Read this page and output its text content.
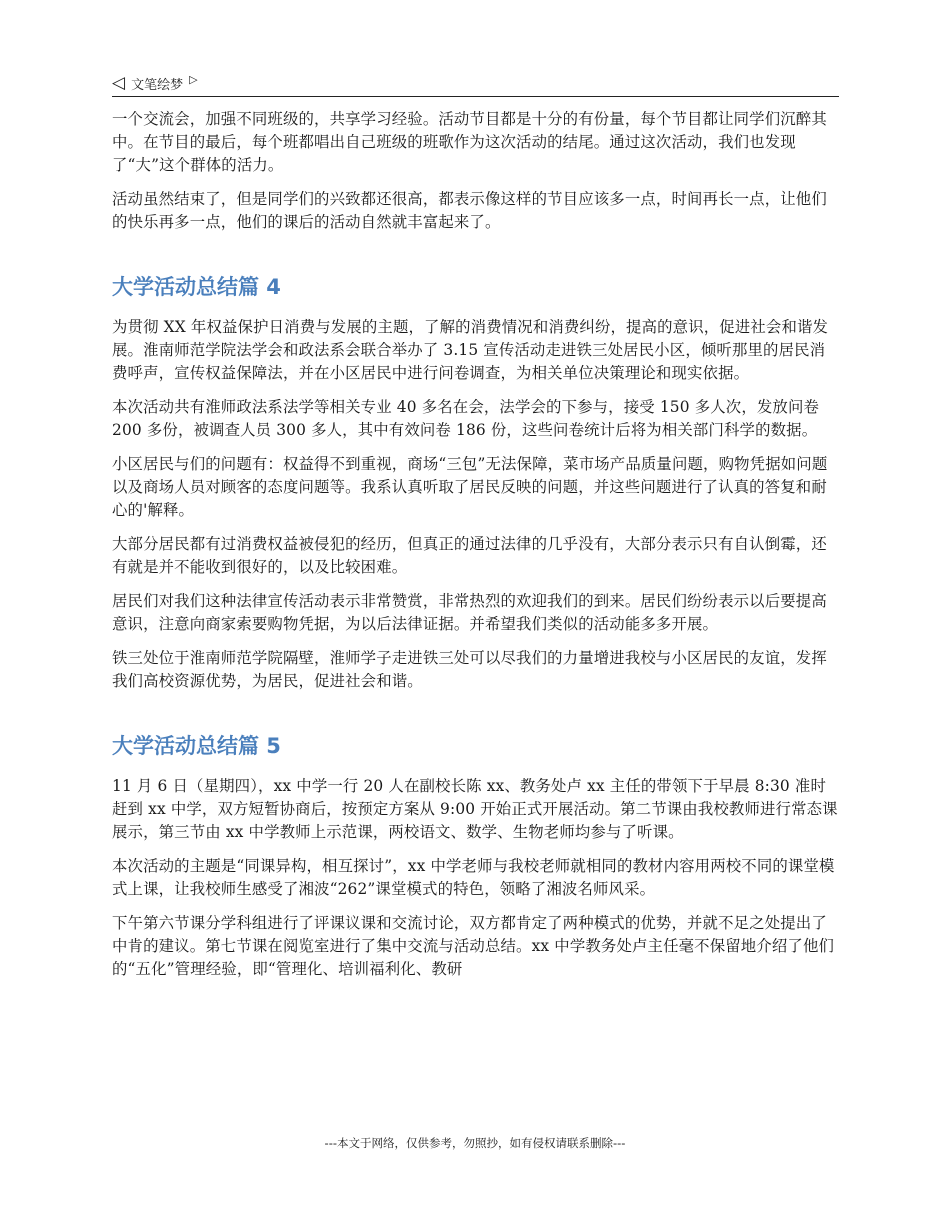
◁ 文笔绘梦 ▷

一个交流会，加强不同班级的，共享学习经验。活动节目都是十分的有份量，每个节目都让同学们沉醉其中。在节目的最后，每个班都唱出自己班级的班歌作为这次活动的结尾。通过这次活动，我们也发现了“大”这个群体的活力。

活动虽然结束了，但是同学们的兴致都还很高，都表示像这样的节目应该多一点，时间再长一点，让他们的快乐再多一点，他们的课后的活动自然就丰富起来了。

大学活动总结篇 4

为贯彻 XX 年权益保护日消费与发展的主题，了解的消费情况和消费纠纷，提高的意识，促进社会和谐发展。淮南师范学院法学会和政法系会联合举办了 3.15 宣传活动走进铁三处居民小区，倾听那里的居民消费呼声，宣传权益保障法，并在小区居民中进行问卷调查，为相关单位决策理论和现实依据。

本次活动共有淮师政法系法学等相关专业 40 多名在会，法学会的下参与，接受 150 多人次，发放问卷 200 多份，被调查人员 300 多人，其中有效问卷 186 份，这些问卷统计后将为相关部门科学的数据。

小区居民与们的问题有：权益得不到重视，商场“三包”无法保障，菜市场产品质量问题，购物凭据如问题以及商场人员对顾客的态度问题等。我系认真听取了居民反映的问题，并这些问题进行了认真的答复和耐心的'解释。

大部分居民都有过消费权益被侵犯的经历，但真正的通过法律的几乎没有，大部分表示只有自认倒霉，还有就是并不能收到很好的，以及比较困难。

居民们对我们这种法律宣传活动表示非常赞赏，非常热烈的欢迎我们的到来。居民们纷纷表示以后要提高意识，注意向商家索要购物凭据，为以后法律证据。并希望我们类似的活动能多多开展。

铁三处位于淮南师范学院隔壁，淮师学子走进铁三处可以尽我们的力量增进我校与小区居民的友谊，发挥我们高校资源优势，为居民，促进社会和谐。

大学活动总结篇 5

11 月 6 日（星期四），xx 中学一行 20 人在副校长陈 xx、教务处卢 xx 主任的带领下于早晨 8:30 准时赶到 xx 中学，双方短暂协商后，按预定方案从 9:00 开始正式开展活动。第二节课由我校教师进行常态课展示，第三节由 xx 中学教师上示范课，两校语文、数学、生物老师均参与了听课。

本次活动的主题是“同课异构，相互探讨”，xx 中学老师与我校老师就相同的教材内容用两校不同的课堂模式上课，让我校师生感受了湘波“262”课堂模式的特色，领略了湘波名师风采。

下午第六节课分学科组进行了评课议课和交流讨论，双方都肯定了两种模式的优势，并就不足之处提出了中肯的建议。第七节课在阅览室进行了集中交流与活动总结。xx 中学教务处卢主任毫不保留地介绍了他们的“五化”管理经验，即“管理化、培训福利化、教研

---本文于网络，仅供参考，勿照抄，如有侵权请联系删除---
